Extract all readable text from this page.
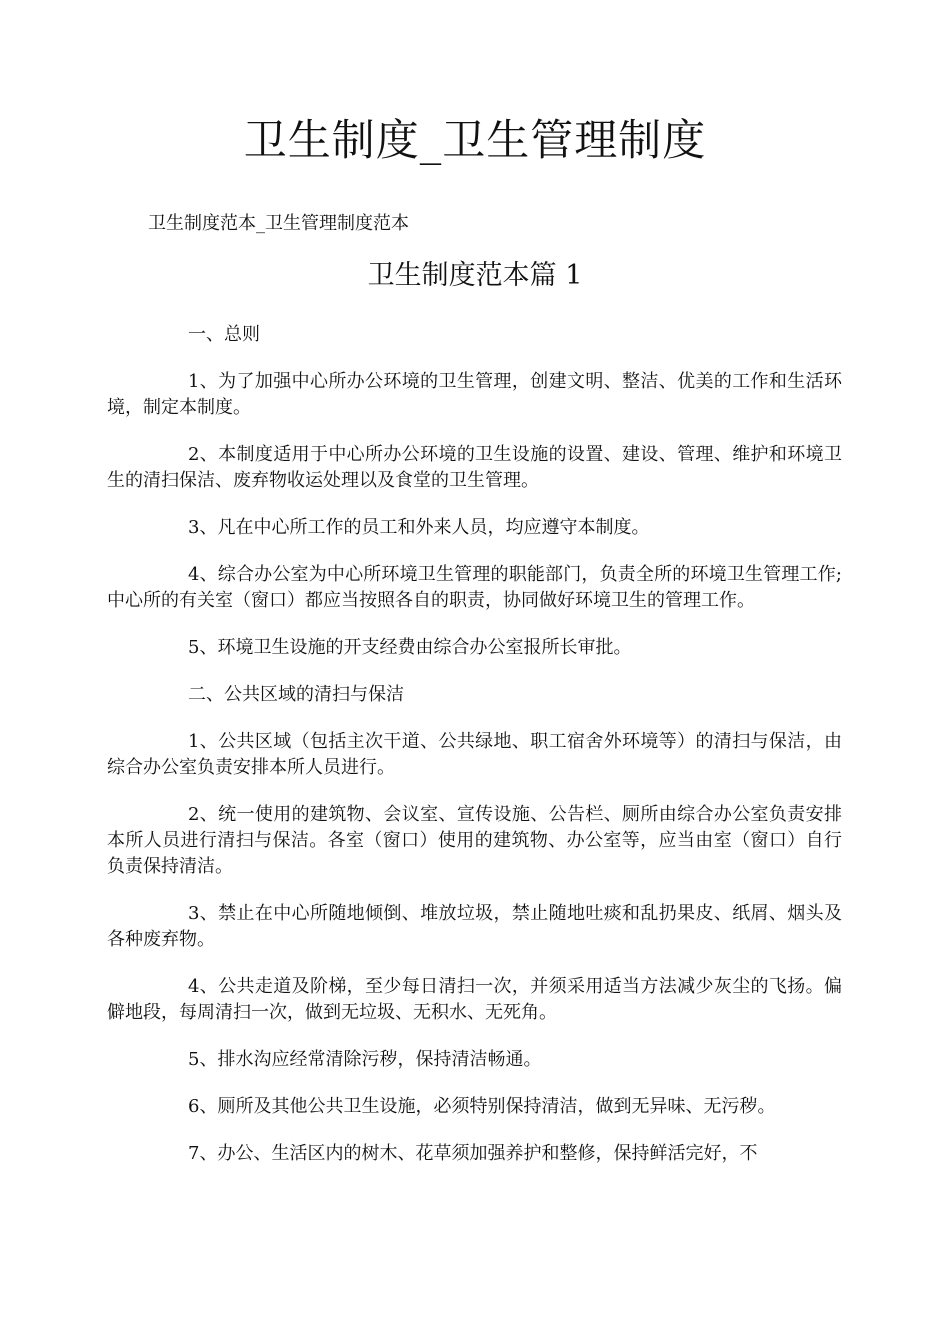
卫生制度_卫生管理制度
卫生制度范本_卫生管理制度范本
卫生制度范本篇 1

一、总则

1、为了加强中心所办公环境的卫生管理，创建文明、整洁、优美的工作和生活环境，制定本制度。

2、本制度适用于中心所办公环境的卫生设施的设置、建设、管理、维护和环境卫生的清扫保洁、废弃物收运处理以及食堂的卫生管理。

3、凡在中心所工作的员工和外来人员，均应遵守本制度。

4、综合办公室为中心所环境卫生管理的职能部门，负责全所的环境卫生管理工作;中心所的有关室（窗口）都应当按照各自的职责，协同做好环境卫生的管理工作。

5、环境卫生设施的开支经费由综合办公室报所长审批。

二、公共区域的清扫与保洁

1、公共区域（包括主次干道、公共绿地、职工宿舍外环境等）的清扫与保洁，由综合办公室负责安排本所人员进行。

2、统一使用的建筑物、会议室、宣传设施、公告栏、厕所由综合办公室负责安排本所人员进行清扫与保洁。各室（窗口）使用的建筑物、办公室等，应当由室（窗口）自行负责保持清洁。

3、禁止在中心所随地倾倒、堆放垃圾，禁止随地吐痰和乱扔果皮、纸屑、烟头及各种废弃物。

4、公共走道及阶梯，至少每日清扫一次，并须采用适当方法减少灰尘的飞扬。偏僻地段，每周清扫一次，做到无垃圾、无积水、无死角。

5、排水沟应经常清除污秽，保持清洁畅通。

6、厕所及其他公共卫生设施，必须特别保持清洁，做到无异味、无污秽。

7、办公、生活区内的树木、花草须加强养护和整修，保持鲜活完好，不
